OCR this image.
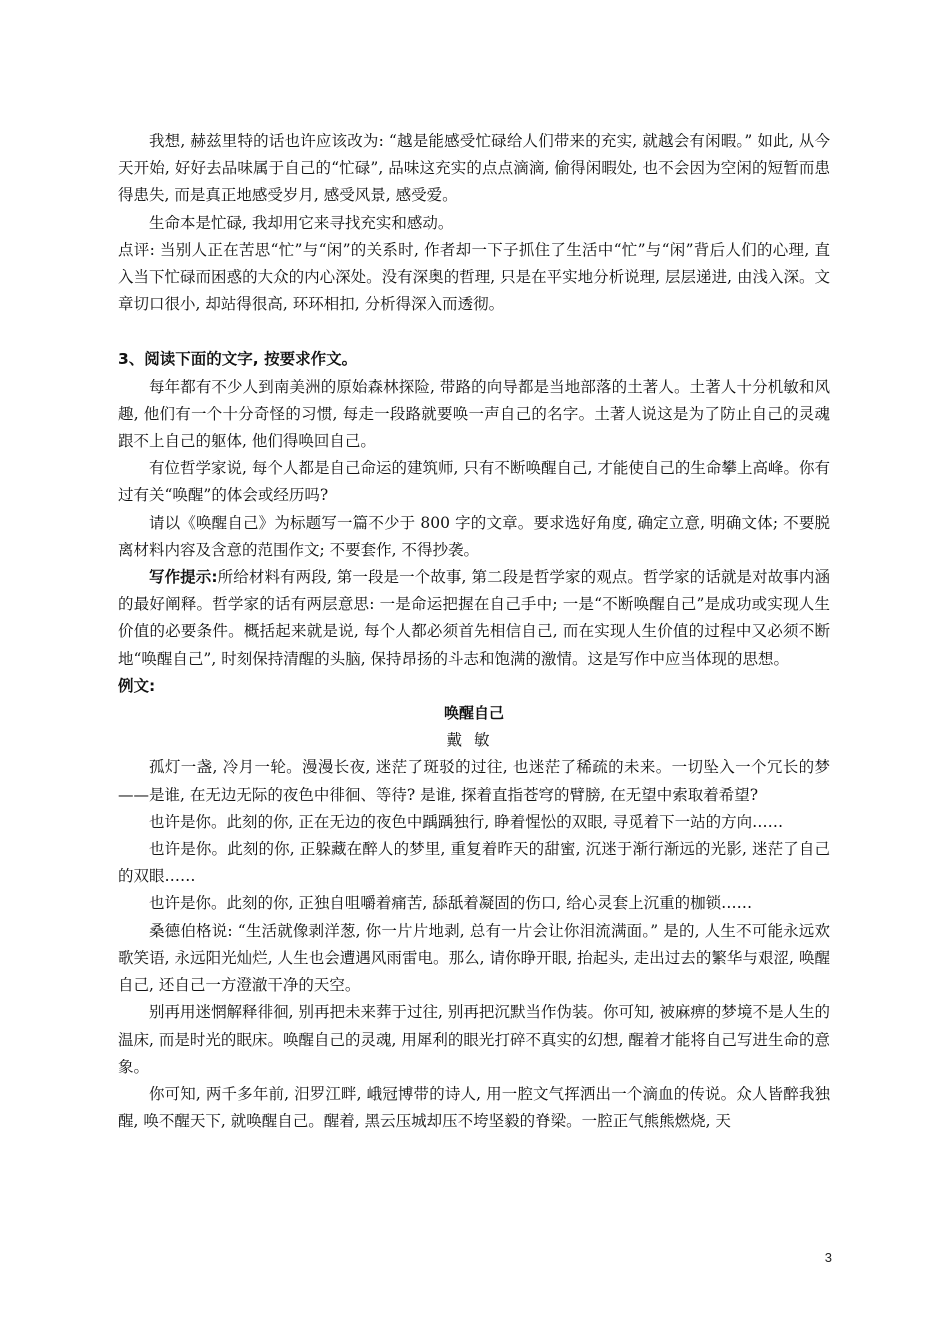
我想, 赫兹里特的话也许应该改为: “越是能感受忙碌给人们带来的充实, 就越会有闲暇。” 如此, 从今天开始, 好好去品味属于自己的“忙碌”, 品味这充实的点点滴滴, 偷得闲暇处, 也不会因为空闲的短暂而患得患失, 而是真正地感受岁月, 感受风景, 感受爱。

生命本是忙碌, 我却用它来寻找充实和感动。

点评: 当别人正在苦思“忙”与“闲”的关系时, 作者却一下子抓住了生活中“忙”与“闲”背后人们的心理, 直入当下忙碌而困惑的大众的内心深处。没有深奥的哲理, 只是在平实地分析说理, 层层递进, 由浅入深。文章切口很小, 却站得很高, 环环相扣, 分析得深入而透彻。

3、阅读下面的文字, 按要求作文。

每年都有不少人到南美洲的原始森林探险, 带路的向导都是当地部落的土著人。土著人十分机敏和风趣, 他们有一个十分奇怪的习惯, 每走一段路就要唤一声自己的名字。土著人说这是为了防止自己的灵魂跟不上自己的躯体, 他们得唤回自己。

有位哲学家说, 每个人都是自己命运的建筑师, 只有不断唤醒自己, 才能使自己的生命攀上高峰。你有过有关“唤醒”的体会或经历吗?

请以《唤醒自己》为标题写一篇不少于 800 字的文章。要求选好角度, 确定立意, 明确文体; 不要脱离材料内容及含意的范围作文; 不要套作, 不得抄袭。

写作提示:所给材料有两段, 第一段是一个故事, 第二段是哲学家的观点。哲学家的话就是对故事内涵的最好阐释。哲学家的话有两层意思: 一是命运把握在自己手中; 一是“不断唤醒自己”是成功或实现人生价值的必要条件。概括起来就是说, 每个人都必须首先相信自己, 而在实现人生价值的过程中又必须不断地“唤醒自己”, 时刻保持清醒的头脑, 保持昂扬的斗志和饱满的激情。这是写作中应当体现的思想。

例文:

唤醒自己

戴敏

孤灯一盏, 冷月一轮。漫漫长夜, 迷茫了斑驳的过往, 也迷茫了稀疏的未来。一切坠入一个冗长的梦——是谁, 在无边无际的夜色中徘徊、等待? 是谁, 探着直指苍穹的臂膀, 在无望中索取着希望?

也许是你。此刻的你, 正在无边的夜色中踽踽独行, 睁着惺忪的双眼, 寻觅着下一站的方向……

也许是你。此刻的你, 正躲藏在醉人的梦里, 重复着昨天的甜蜜, 沉迷于渐行渐远的光影, 迷茫了自己的双眼……

也许是你。此刻的你, 正独自咀嚼着痛苦, 舔舐着凝固的伤口, 给心灵套上沉重的枷锁……

桑德伯格说: “生活就像剥洋葱, 你一片片地剥, 总有一片会让你泪流满面。” 是的, 人生不可能永远欢歌笑语, 永远阳光灿烂, 人生也会遭遇风雨雷电。那么, 请你睁开眼, 抬起头, 走出过去的繁华与艰涩, 唤醒自己, 还自己一方澄澈干净的天空。

别再用迷惘解释徘徊, 别再把未来葬于过往, 别再把沉默当作伪装。你可知, 被麻痹的梦境不是人生的温床, 而是时光的眠床。唤醒自己的灵魂, 用犀利的眼光打碎不真实的幻想, 醒着才能将自己写进生命的意象。

你可知, 两千多年前, 汨罗江畔, 峨冠博带的诗人, 用一腔文气挥洒出一个滴血的传说。众人皆醉我独醒, 唤不醒天下, 就唤醒自己。醒着, 黑云压城却压不垮坚毅的脊梁。一腔正气熊熊燃烧, 天

3
